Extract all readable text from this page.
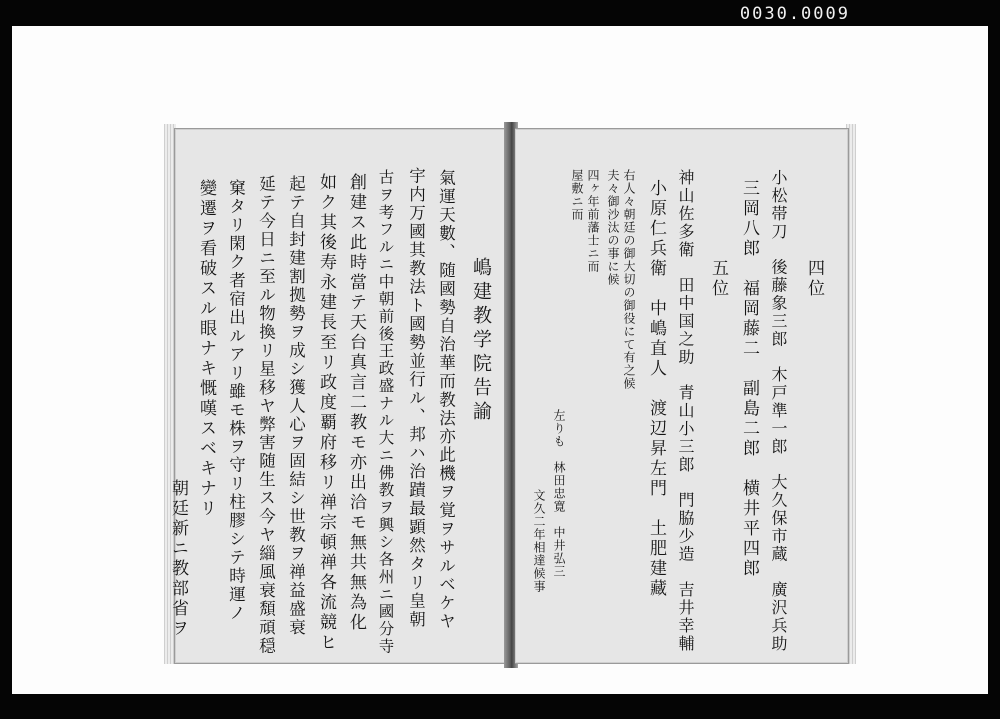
0030.0009
嶋建教学院告諭
氣運天數、随國勢自治華而教法亦此機ヲ覚ヲサルベケヤ
宇内万國其教法ト國勢並行ル、邦ハ治蹟最顕然タリ皇朝
古ヲ考フルニ中朝前後王政盛ナル大ニ佛教ヲ興シ各州ニ國分寺
創建ス此時當テ天台真言二教モ亦出洽モ無共無為化
如ク其後寿永建長至リ政度覇府移リ禅宗頓禅各流競ヒ
起テ自封建割拠勢ヲ成シ獲人心ヲ固結シ世教ヲ禅益盛衰
延テ今日ニ至ル物換リ星移ヤ弊害随生ス今ヤ緇風衰頽頑穏
窠タリ閑ク者宿出ルアリ雖モ株ヲ守リ柱膠シテ時運ノ
變遷ヲ看破スル眼ナキ慨嘆スベキナリ
朝廷新ニ教部省ヲ
四位
小松帯刀　後藤象三郎　木戸準一郎　大久保市蔵　廣沢兵助
三岡八郎　福岡藤二　副島二郎　横井平四郎
五位
神山佐多衛　田中国之助　青山小三郎　門脇少造　吉井幸輔
小原仁兵衛　中嶋直人　渡辺昇左門　土肥建藏
右人々朝廷の御大切の御役にて有之候
夫々御沙汰の事に候
四ヶ年前藩士ニ而
屋敷ニ而
左りも　林田忠寛　中井弘三
文久二年相達候事
